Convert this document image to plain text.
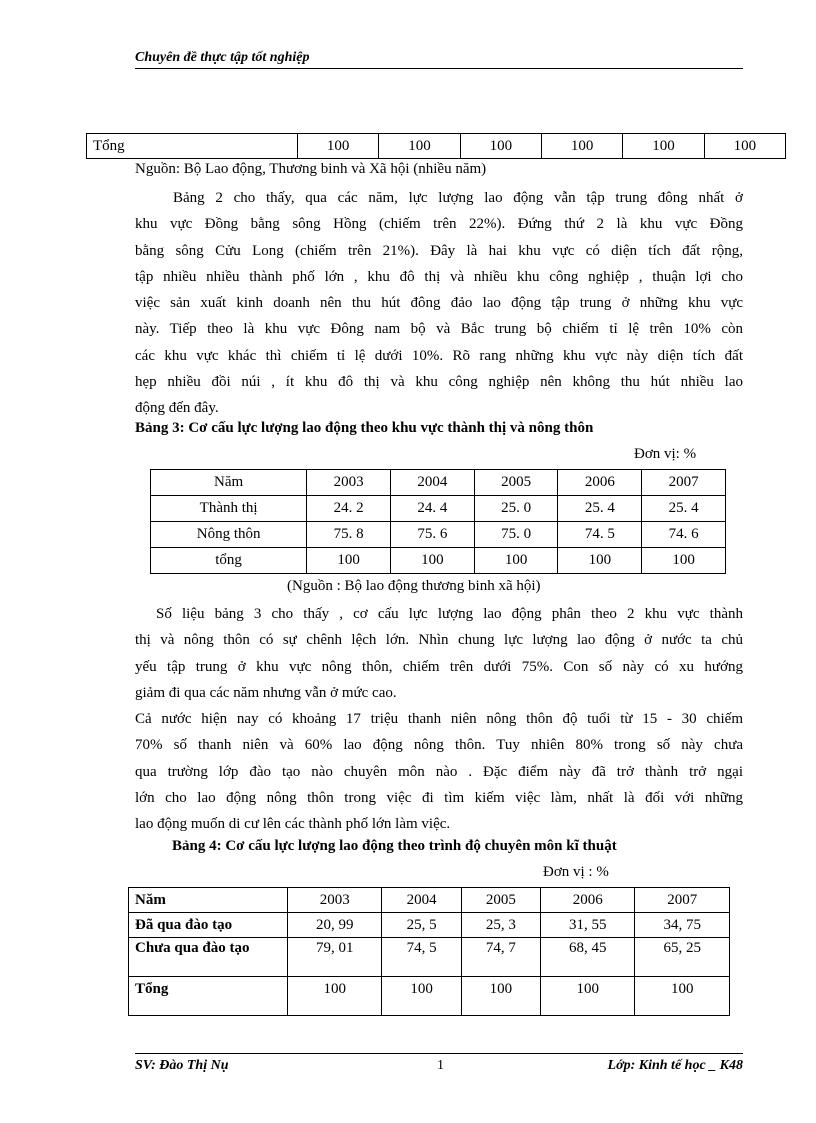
Chuyên đề thực tập tốt nghiệp
Tổng	100	100	100	100	100	100
Nguồn: Bộ Lao động, Thương binh và Xã hội (nhiều năm)

Bảng 2 cho thấy, qua các năm, lực lượng lao động vẫn tập trung đông nhất ở

khu vực Đồng bằng sông Hồng (chiếm trên 22%). Đứng thứ 2 là khu vực Đồng

bằng sông Cửu Long (chiếm trên 21%). Đây là hai khu vực có diện tích đất rộng,

tập nhiều nhiều thành phố lớn , khu đô thị và nhiều khu công nghiệp , thuận lợi cho

việc sản xuất kinh doanh nên thu hút đông đảo lao động tập trung ở những khu vực

này. Tiếp theo là khu vực Đông nam bộ và Bắc trung bộ chiếm tỉ lệ trên 10% còn

các khu vực khác thì chiếm tỉ lệ dưới 10%. Rõ rang những khu vực này diện tích đất

hẹp nhiều đồi núi , ít khu đô thị và khu công nghiệp nên không thu hút nhiều lao

động đến đây.

Bảng 3: Cơ cấu lực lượng lao động theo khu vực thành thị và nông thôn
Đơn vị: %
Năm	2003	2004	2005	2006	2007
Thành thị	24. 2	24. 4	25. 0	25. 4	25. 4
Nông thôn	75. 8	75. 6	75. 0	74. 5	74. 6
tổng	100	100	100	100	100
(Nguồn : Bộ lao động thương binh xã hội)

Số liệu bảng 3 cho thấy , cơ cấu lực lượng lao động phân theo 2 khu vực thành

thị và nông thôn có sự chênh lệch lớn. Nhìn chung lực lượng lao động ở nước ta chủ

yếu tập trung ở khu vực nông thôn, chiếm trên dưới 75%. Con số này có xu hướng

giảm đi qua các năm nhưng vẫn ở mức cao.

Cả nước hiện nay có khoảng 17 triệu thanh niên nông thôn độ tuổi từ 15 - 30 chiếm

70% số thanh niên và 60% lao động nông thôn. Tuy nhiên 80% trong số này chưa

qua trường lớp đào tạo nào chuyên môn nào . Đặc điểm này đã trở thành trở ngại

lớn cho lao động nông thôn trong việc đi tìm kiếm việc làm, nhất là đối với những

lao động muốn di cư lên các thành phố lớn làm việc.

Bảng 4: Cơ cấu lực lượng lao động theo trình độ chuyên môn kĩ thuật
Đơn vị : %
Năm	2003	2004	2005	2006	2007
Đã qua đào tạo	20, 99	25, 5	25, 3	31, 55	34, 75
Chưa qua đào tạo	79, 01	74, 5	74, 7	68, 45	65, 25
Tổng	100	100	100	100	100
SV: Đào Thị Nụ	1	Lớp: Kinh tế học _ K48
